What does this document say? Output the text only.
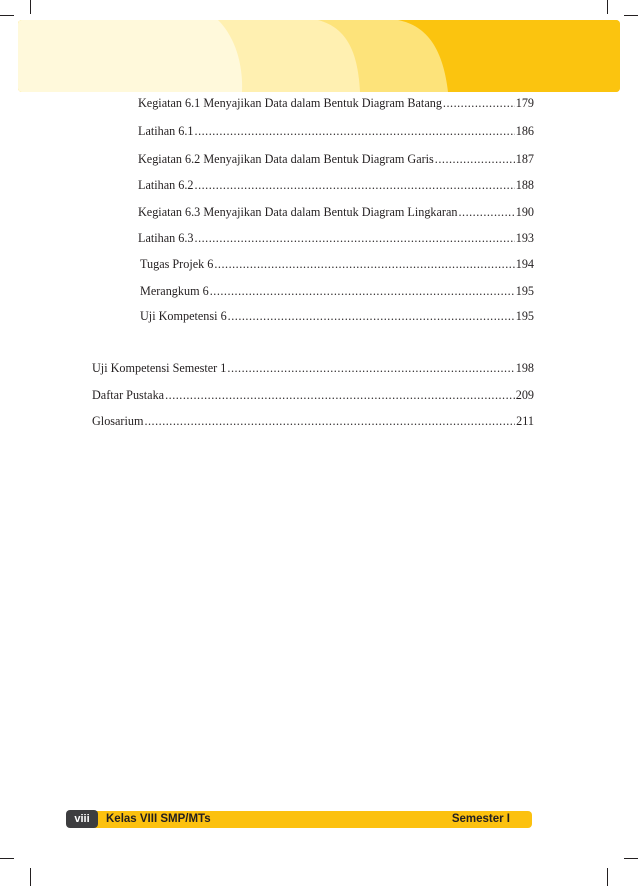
Kegiatan 6.1 Menyajikan Data dalam Bentuk Diagram Batang .....	179
Latihan 6.1 .....	186
Kegiatan 6.2 Menyajikan Data dalam Bentuk Diagram Garis .....	187
Latihan 6.2 .....	188
Kegiatan 6.3 Menyajikan Data dalam Bentuk Diagram Lingkaran .....	190
Latihan 6.3 .....	193
Tugas Projek 6 .....	194
Merangkum 6 .....	195
Uji Kompetensi 6 .....	195
Uji Kompetensi Semester 1 .....	198
Daftar Pustaka .....	209
Glosarium .....	211
viii	Kelas VIII SMP/MTs	Semester I
